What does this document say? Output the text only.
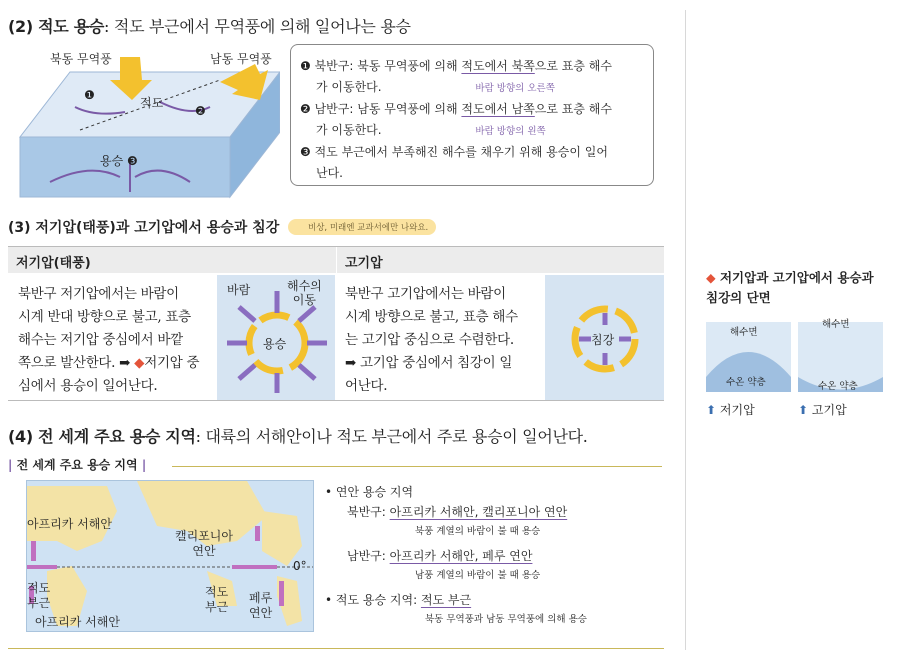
(2) 적도 용승: 적도 부근에서 무역풍에 의해 일어나는 용승
북동 무역풍	남동 무역풍
적도
❶
❷
용승 ❸
❶ 북반구: 북동 무역풍에 의해 적도에서 북쪽으로 표층 해수
가 이동한다.	바람 방향의 오른쪽
❷ 남반구: 남동 무역풍에 의해 적도에서 남쪽으로 표층 해수
가 이동한다.	바람 방향의 왼쪽
❸ 적도 부근에서 부족해진 해수를 채우기 위해 용승이 일어
난다.
(3) 저기압(태풍)과 고기압에서 용승과 침강	비상, 미래엔 교과서에만 나와요.
저기압(태풍)	고기압
북반구 저기압에서는 바람이
시계 반대 방향으로 불고, 표층
해수는 저기압 중심에서 바깥
쪽으로 발산한다. ➡ ◆저기압 중
심에서 용승이 일어난다.
바람	해수의
이동
용승
북반구 고기압에서는 바람이
시계 방향으로 불고, 표층 해수
는 고기압 중심으로 수렴한다.
➡ 고기압 중심에서 침강이 일
어난다.
침강
(4) 전 세계 주요 용승 지역: 대륙의 서해안이나 적도 부근에서 주로 용승이 일어난다.
| 전 세계 주요 용승 지역 |
아프리카 서해안
캘리포니아
연안
적도
부근
적도
부근
페루
연안
아프리카 서해안
0°
• 연안 용승 지역
북반구: 아프리카 서해안, 캘리포니아 연안
북풍 계열의 바람이 불 때 용승
남반구: 아프리카 서해안, 페루 연안
남풍 계열의 바람이 불 때 용승
• 적도 용승 지역: 적도 부근
북동 무역풍과 남동 무역풍에 의해 용승
◆ 저기압과 고기압에서 용승과
침강의 단면
해수면
수온 약층
해수면
수온 약층
⬆ 저기압	⬆ 고기압
